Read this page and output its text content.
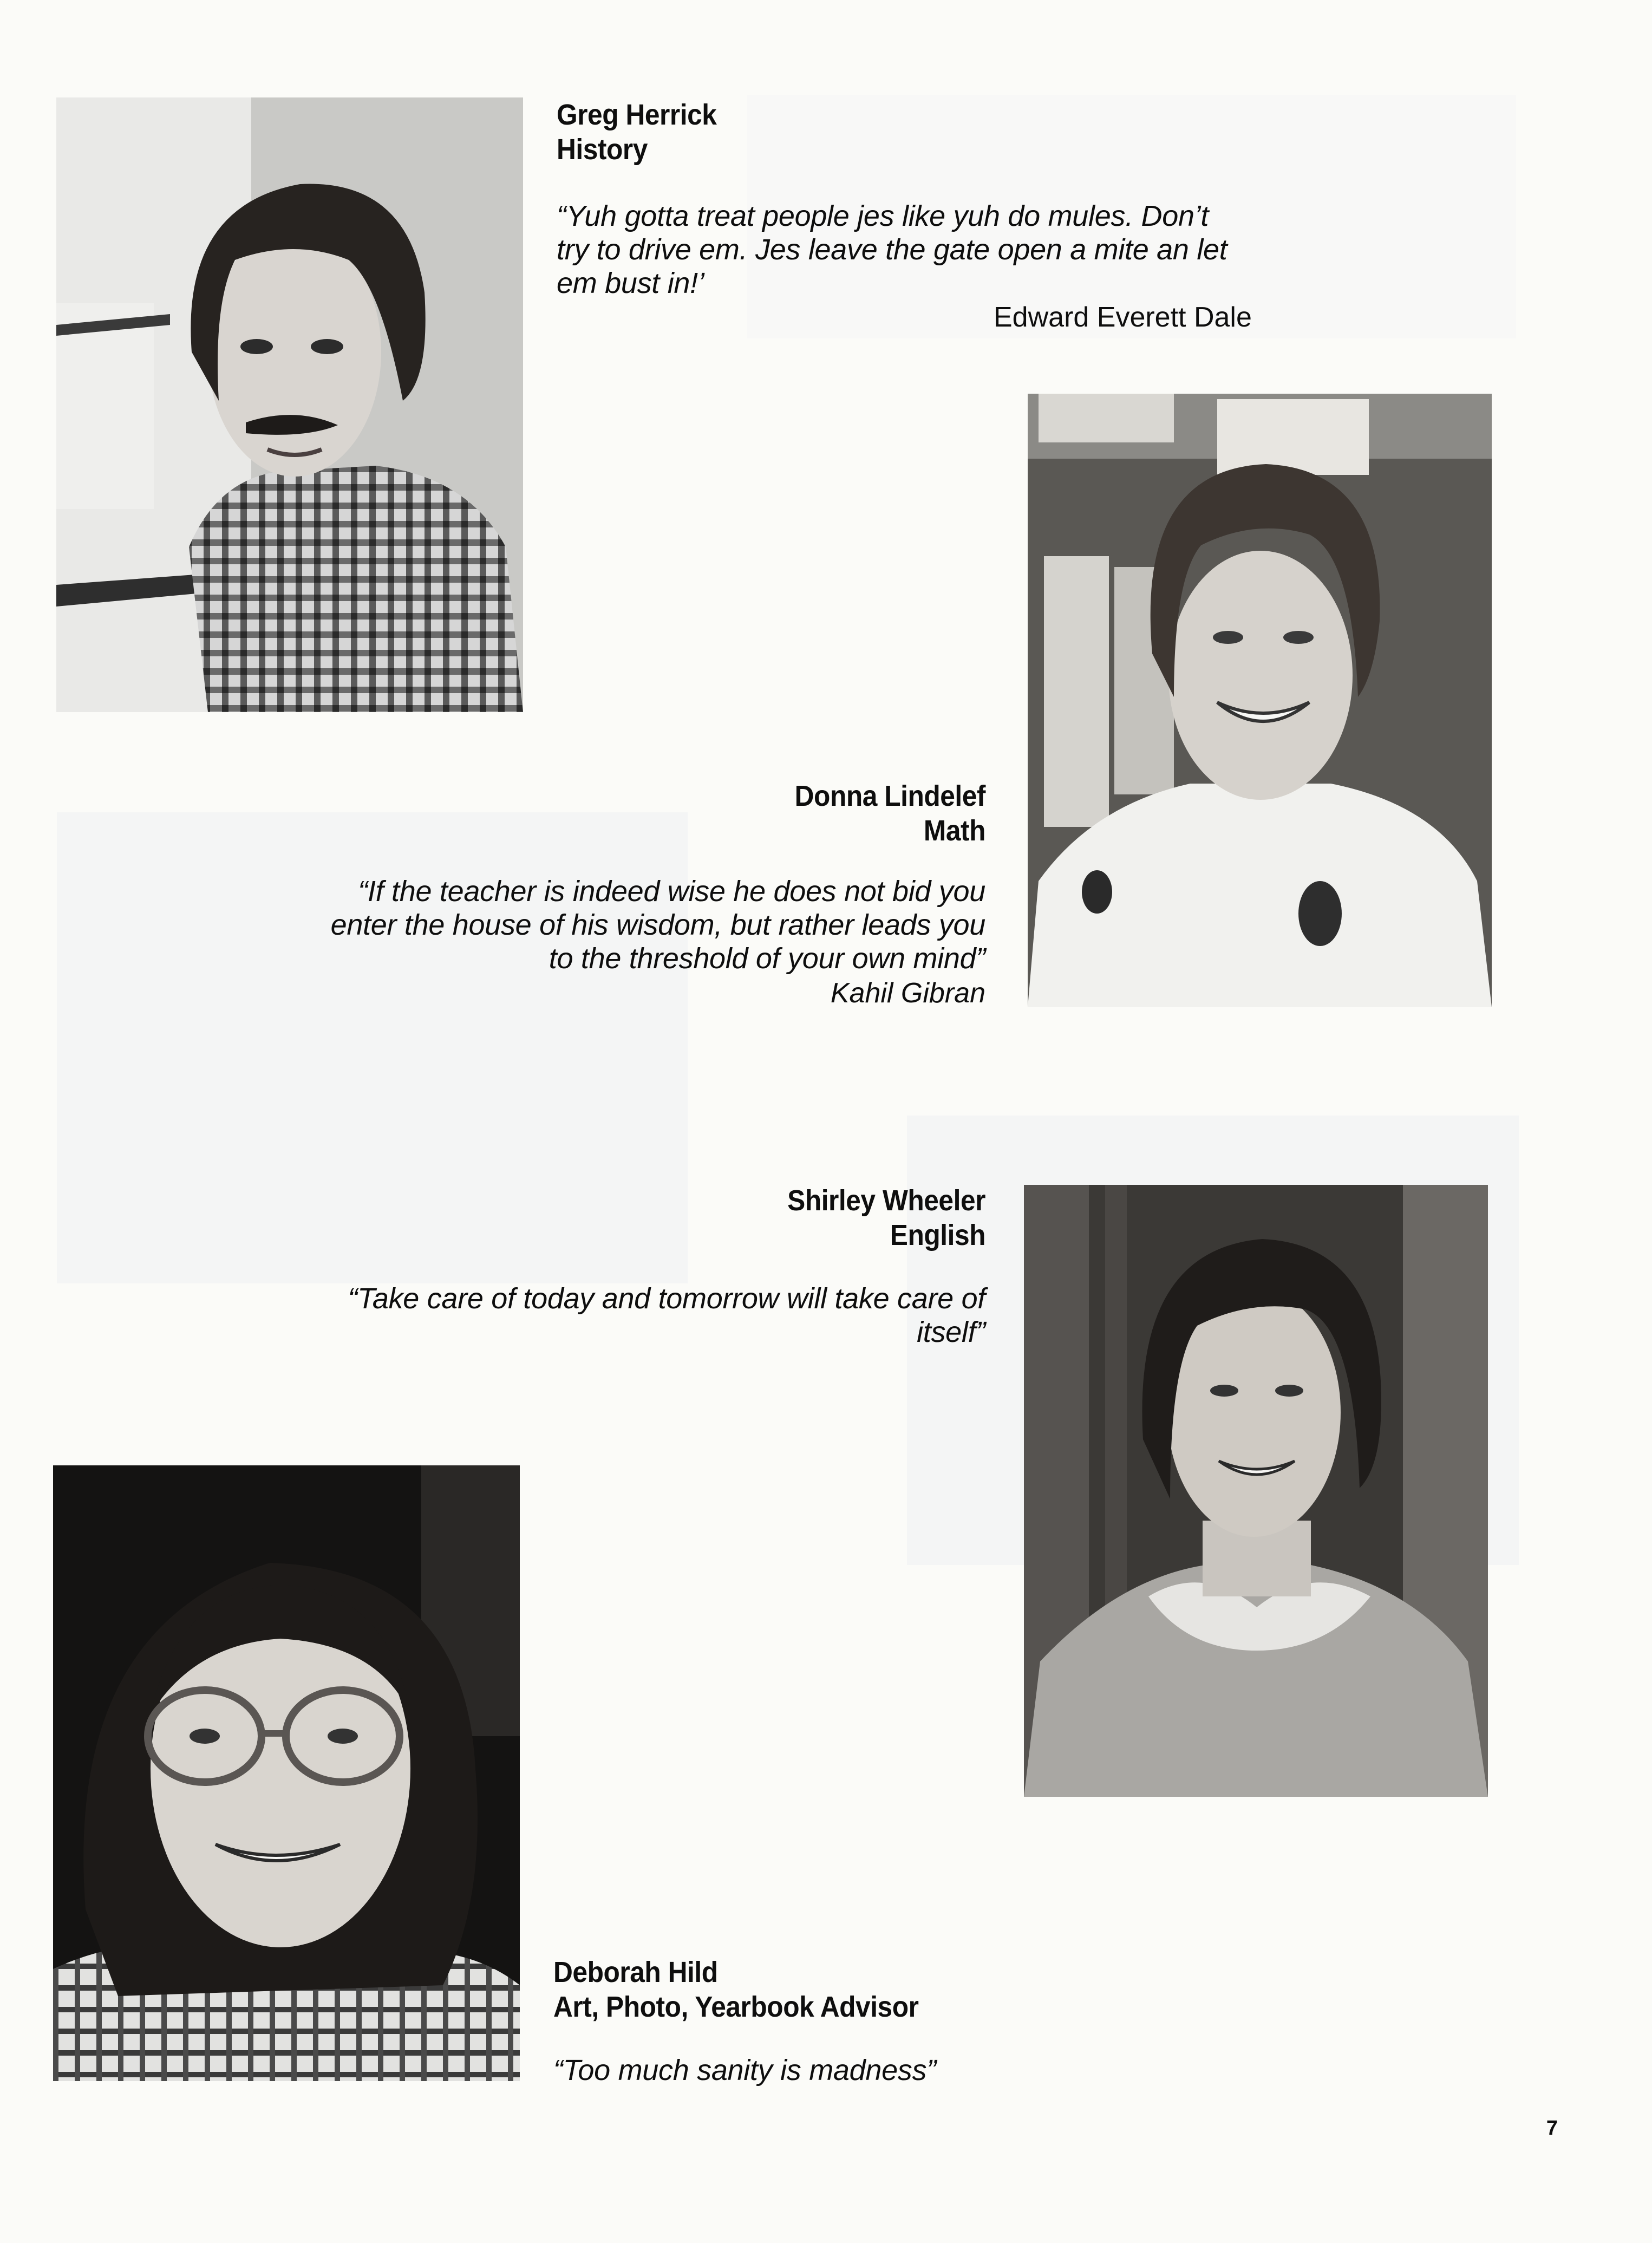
Greg Herrick
History
“Yuh gotta treat people jes like yuh do mules. Don’t
try to drive em. Jes leave the gate open a mite an let
em bust in!’
Edward Everett Dale
Donna Lindelef
Math
“If the teacher is indeed wise he does not bid you
enter the house of his wisdom, but rather leads you
to the threshold of your own mind”
Kahil Gibran
Shirley Wheeler
English
“Take care of today and tomorrow will take care of
itself”
Deborah Hild
Art, Photo, Yearbook Advisor
“Too much sanity is madness”
7
